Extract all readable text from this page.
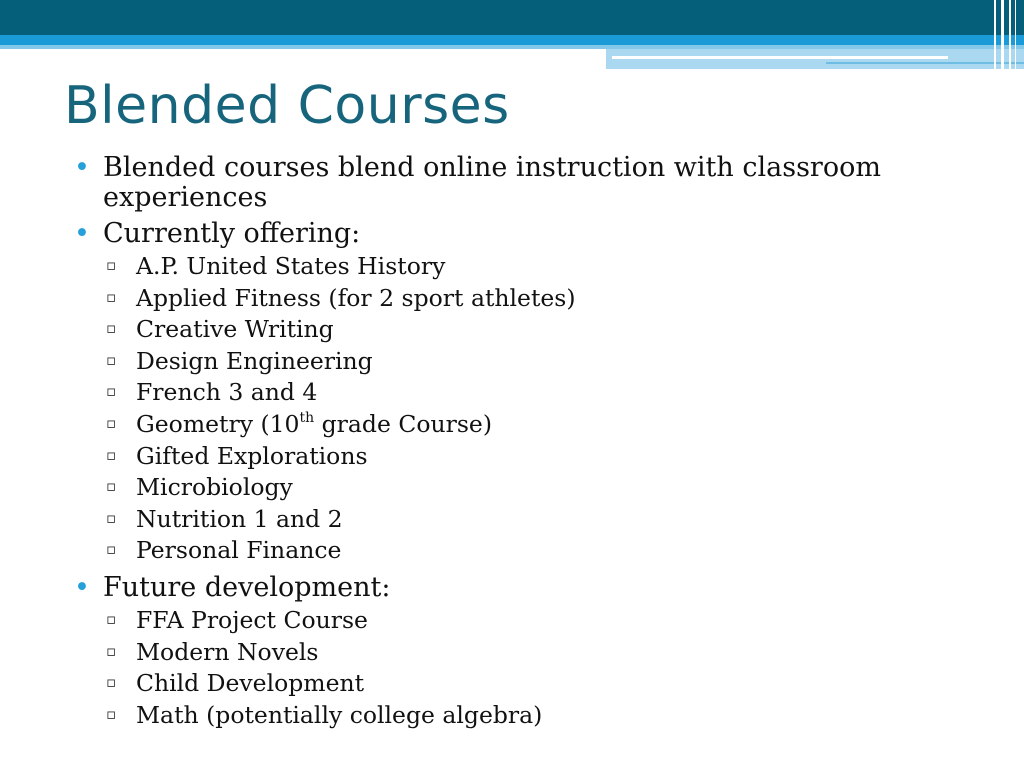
Blended Courses
• Blended courses blend online instruction with classroom experiences
• Currently offering:
▫ A.P. United States History
▫ Applied Fitness (for 2 sport athletes)
▫ Creative Writing
▫ Design Engineering
▫ French 3 and 4
▫ Geometry (10th grade Course)
▫ Gifted Explorations
▫ Microbiology
▫ Nutrition 1 and 2
▫ Personal Finance
• Future development:
▫ FFA Project Course
▫ Modern Novels
▫ Child Development
▫ Math (potentially college algebra)
